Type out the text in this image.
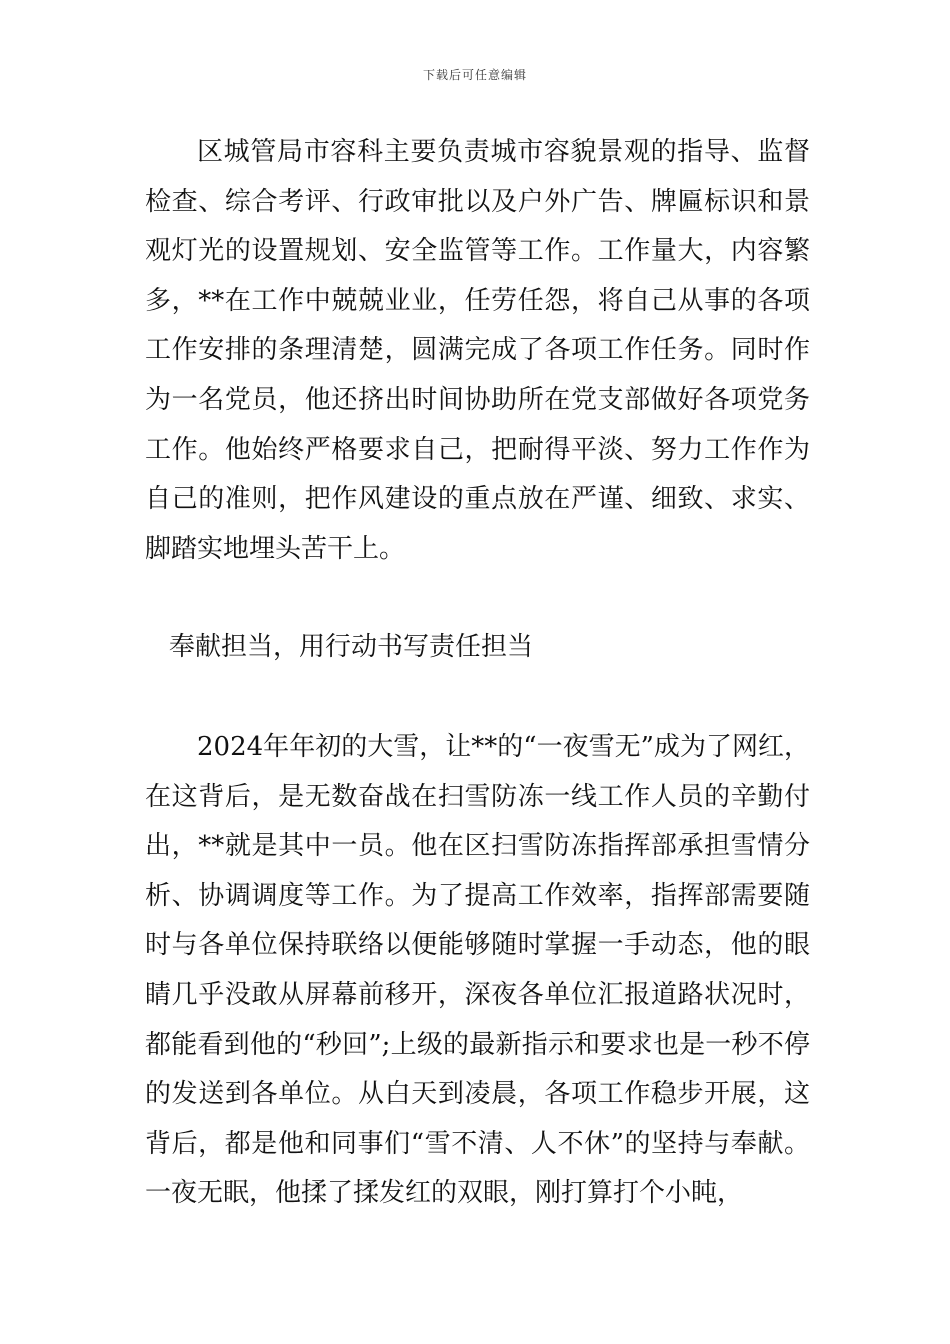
下载后可任意编辑

区城管局市容科主要负责城市容貌景观的指导、监督检查、综合考评、行政审批以及户外广告、牌匾标识和景观灯光的设置规划、安全监管等工作。工作量大，内容繁多，**在工作中兢兢业业，任劳任怨，将自己从事的各项工作安排的条理清楚，圆满完成了各项工作任务。同时作为一名党员，他还挤出时间协助所在党支部做好各项党务工作。他始终严格要求自己，把耐得平淡、努力工作作为自己的准则，把作风建设的重点放在严谨、细致、求实、脚踏实地埋头苦干上。

奉献担当，用行动书写责任担当

2024年年初的大雪，让**的“一夜雪无”成为了网红，在这背后，是无数奋战在扫雪防冻一线工作人员的辛勤付出，**就是其中一员。他在区扫雪防冻指挥部承担雪情分析、协调调度等工作。为了提高工作效率，指挥部需要随时与各单位保持联络以便能够随时掌握一手动态，他的眼睛几乎没敢从屏幕前移开，深夜各单位汇报道路状况时，都能看到他的“秒回”;上级的最新指示和要求也是一秒不停的发送到各单位。从白天到凌晨，各项工作稳步开展，这背后，都是他和同事们“雪不清、人不休”的坚持与奉献。一夜无眠，他揉了揉发红的双眼，刚打算打个小盹，
